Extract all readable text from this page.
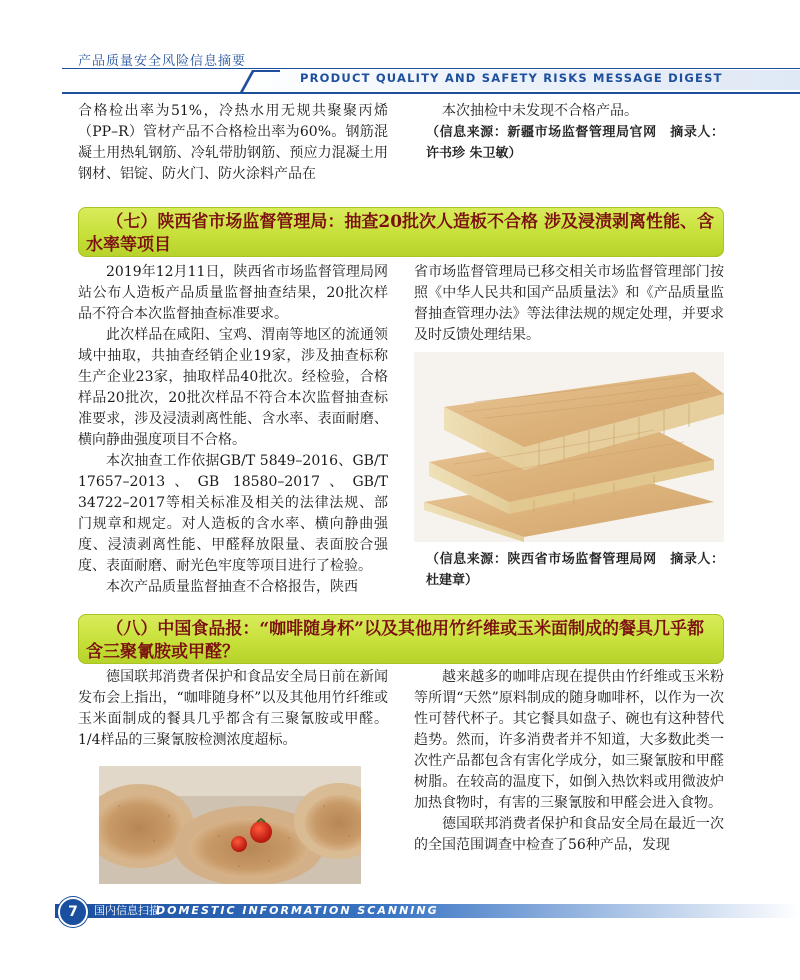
产品质量安全风险信息摘要
PRODUCT QUALITY AND SAFETY RISKS MESSAGE DIGEST

合格检出率为51%，冷热水用无规共聚聚丙烯（PP–R）管材产品不合格检出率为60%。钢筋混凝土用热轧钢筋、冷轧带肋钢筋、预应力混凝土用钢材、铝锭、防火门、防火涂料产品在

本次抽检中未发现不合格产品。

（信息来源：新疆市场监督管理局官网　摘录人：许书珍 朱卫敏）

（七）陕西省市场监督管理局：抽查20批次人造板不合格 涉及浸渍剥离性能、含水率等项目

2019年12月11日，陕西省市场监督管理局网站公布人造板产品质量监督抽查结果，20批次样品不符合本次监督抽查标准要求。

此次样品在咸阳、宝鸡、渭南等地区的流通领域中抽取，共抽查经销企业19家，涉及抽查标称生产企业23家，抽取样品40批次。经检验，合格样品20批次，20批次样品不符合本次监督抽查标准要求，涉及浸渍剥离性能、含水率、表面耐磨、横向静曲强度项目不合格。

本次抽查工作依据GB/T 5849–2016、GB/T 17657–2013、GB 18580–2017、GB/T 34722–2017等相关标准及相关的法律法规、部门规章和规定。对人造板的含水率、横向静曲强度、浸渍剥离性能、甲醛释放限量、表面胶合强度、表面耐磨、耐光色牢度等项目进行了检验。

本次产品质量监督抽查不合格报告，陕西

省市场监督管理局已移交相关市场监督管理部门按照《中华人民共和国产品质量法》和《产品质量监督抽查管理办法》等法律法规的规定处理，并要求及时反馈处理结果。

（信息来源：陕西省市场监督管理局网　摘录人：杜建章）

（八）中国食品报：“咖啡随身杯”以及其他用竹纤维或玉米面制成的餐具几乎都含三聚氰胺或甲醛？

德国联邦消费者保护和食品安全局日前在新闻发布会上指出，“咖啡随身杯”以及其他用竹纤维或玉米面制成的餐具几乎都含有三聚氰胺或甲醛。1/4样品的三聚氰胺检测浓度超标。

越来越多的咖啡店现在提供由竹纤维或玉米粉等所谓“天然”原料制成的随身咖啡杯，以作为一次性可替代杯子。其它餐具如盘子、碗也有这种替代趋势。然而，许多消费者并不知道，大多数此类一次性产品都包含有害化学成分，如三聚氰胺和甲醛树脂。在较高的温度下，如倒入热饮料或用微波炉加热食物时，有害的三聚氰胺和甲醛会进入食物。

德国联邦消费者保护和食品安全局在最近一次的全国范围调查中检查了56种产品，发现

7	国内信息扫描
DOMESTIC INFORMATION SCANNING
